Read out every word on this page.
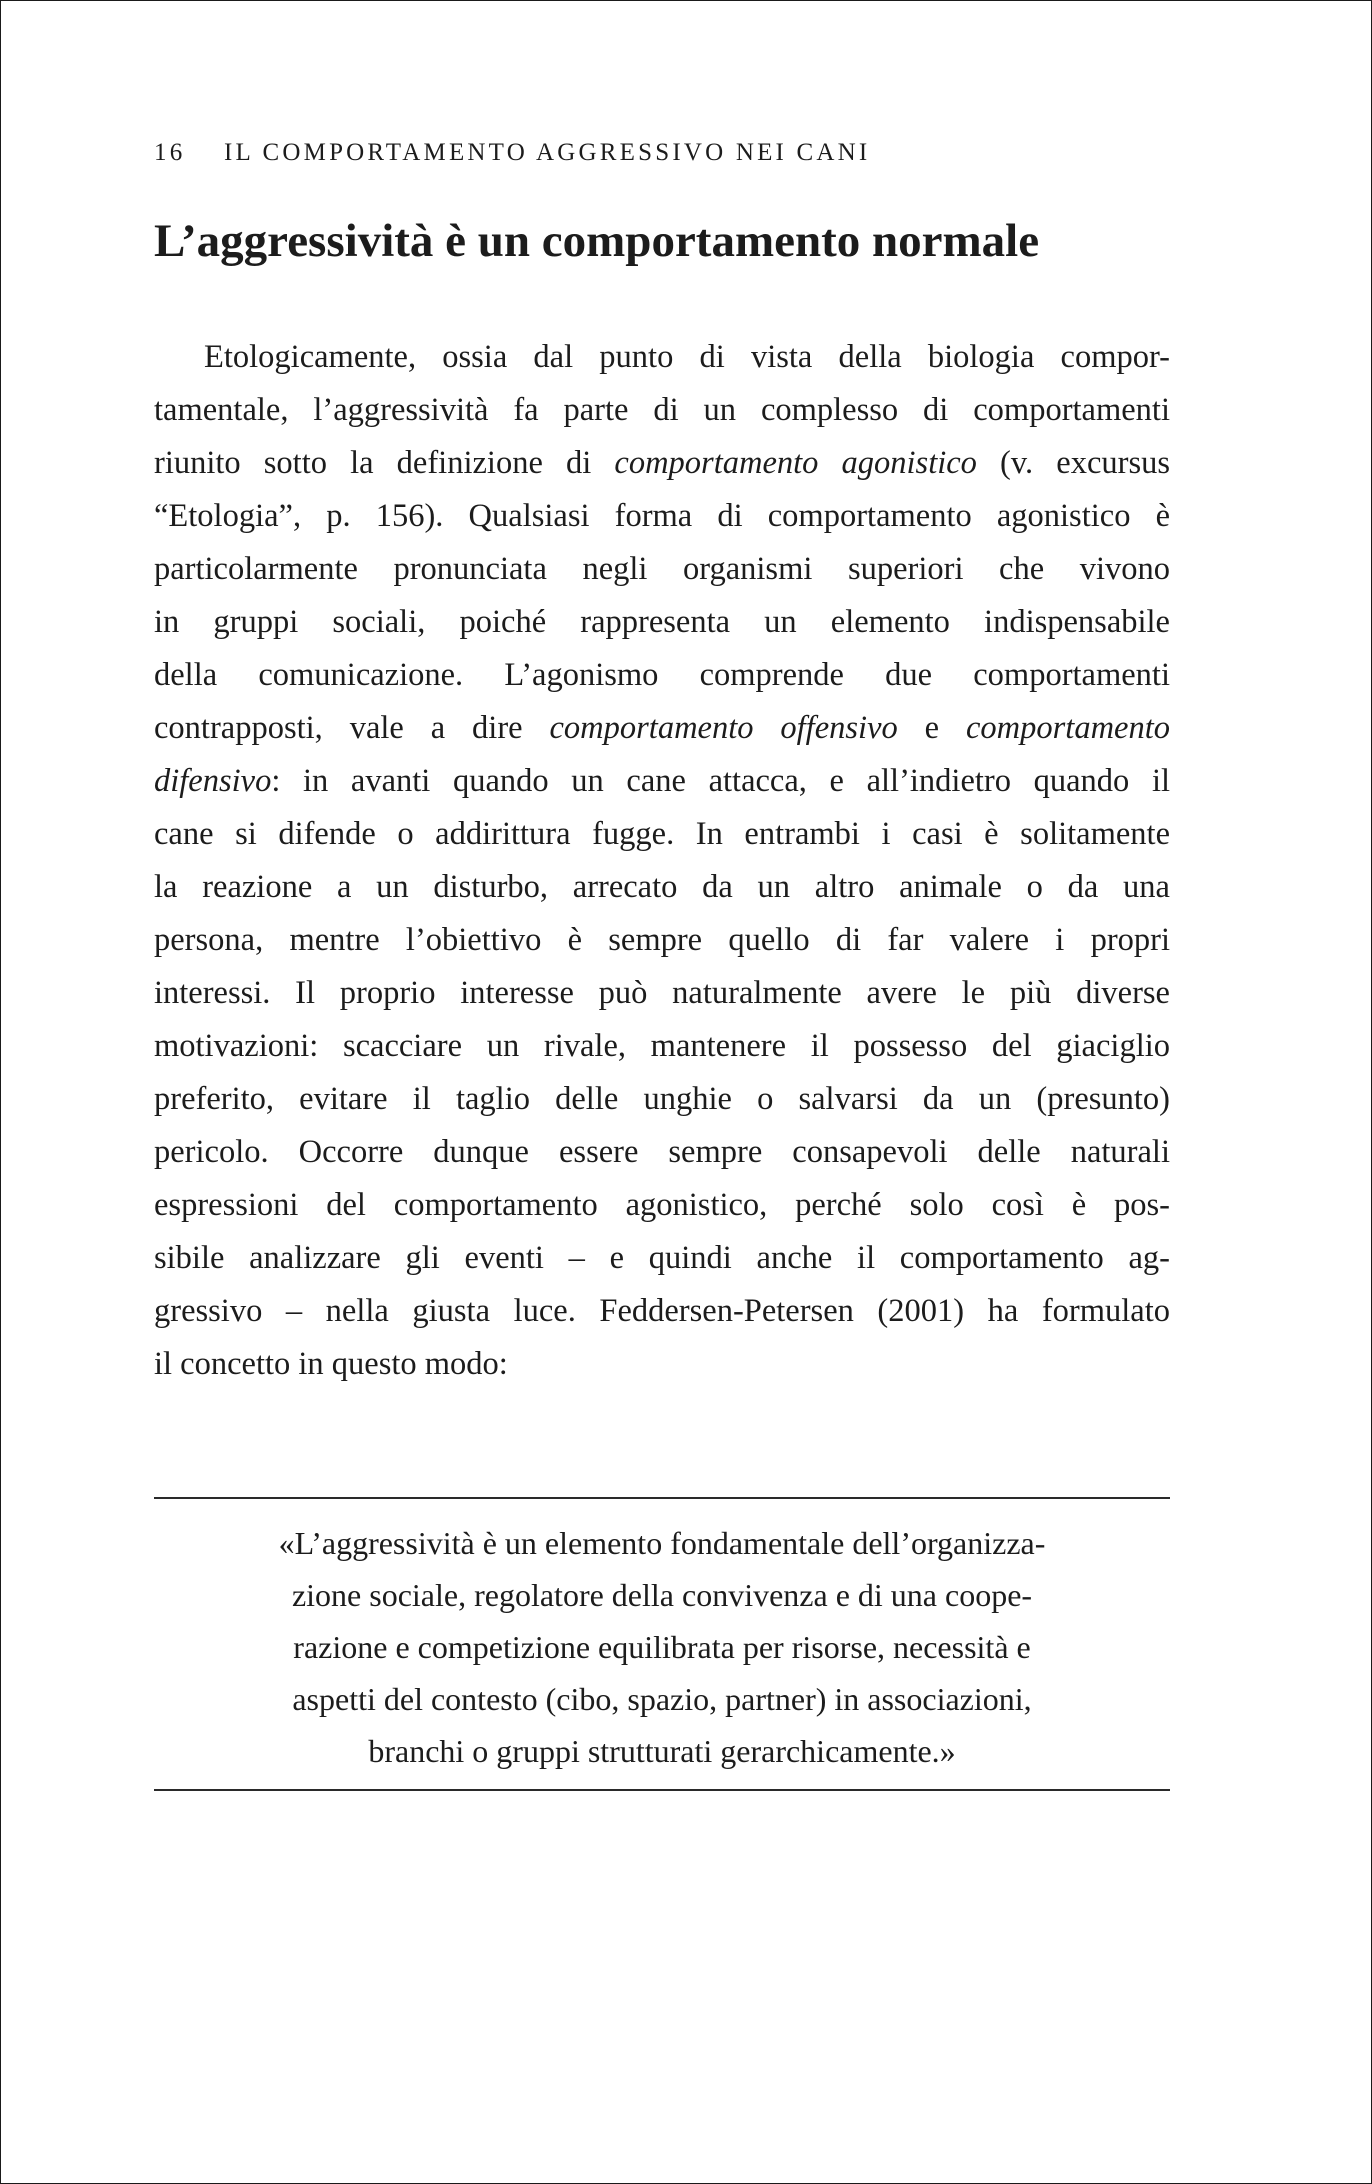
16 IL COMPORTAMENTO AGGRESSIVO NEI CANI
L’aggressività è un comportamento normale
Etologicamente, ossia dal punto di vista della biologia compor-
tamentale, l’aggressività fa parte di un complesso di comportamenti
riunito sotto la definizione di comportamento agonistico (v. excursus
“Etologia”, p. 156). Qualsiasi forma di comportamento agonistico è
particolarmente pronunciata negli organismi superiori che vivono
in gruppi sociali, poiché rappresenta un elemento indispensabile
della comunicazione. L’agonismo comprende due comportamenti
contrapposti, vale a dire comportamento offensivo e comportamento
difensivo: in avanti quando un cane attacca, e all’indietro quando il
cane si difende o addirittura fugge. In entrambi i casi è solitamente
la reazione a un disturbo, arrecato da un altro animale o da una
persona, mentre l’obiettivo è sempre quello di far valere i propri
interessi. Il proprio interesse può naturalmente avere le più diverse
motivazioni: scacciare un rivale, mantenere il possesso del giaciglio
preferito, evitare il taglio delle unghie o salvarsi da un (presunto)
pericolo. Occorre dunque essere sempre consapevoli delle naturali
espressioni del comportamento agonistico, perché solo così è pos-
sibile analizzare gli eventi – e quindi anche il comportamento ag-
gressivo – nella giusta luce. Feddersen-Petersen (2001) ha formulato
il concetto in questo modo:
«L’aggressività è un elemento fondamentale dell’organizza-
zione sociale, regolatore della convivenza e di una coope-
razione e competizione equilibrata per risorse, necessità e
aspetti del contesto (cibo, spazio, partner) in associazioni,
branchi o gruppi strutturati gerarchicamente.»
